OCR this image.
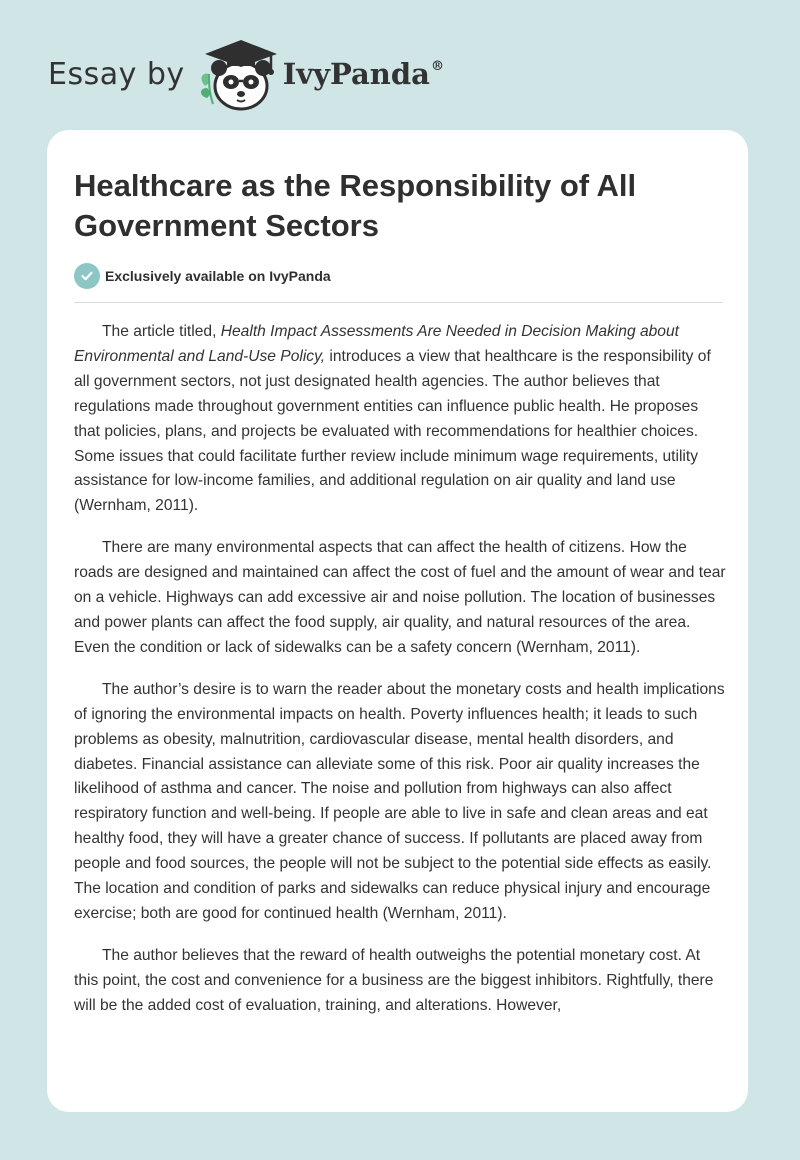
Essay by	IvyPanda®
Healthcare as the Responsibility of All Government Sectors
Exclusively available on IvyPanda

The article titled, Health Impact Assessments Are Needed in Decision Making about Environmental and Land-Use Policy, introduces a view that healthcare is the responsibility of all government sectors, not just designated health agencies. The author believes that regulations made throughout government entities can influence public health. He proposes that policies, plans, and projects be evaluated with recommendations for healthier choices. Some issues that could facilitate further review include minimum wage requirements, utility assistance for low-income families, and additional regulation on air quality and land use (Wernham, 2011).

There are many environmental aspects that can affect the health of citizens. How the roads are designed and maintained can affect the cost of fuel and the amount of wear and tear on a vehicle. Highways can add excessive air and noise pollution. The location of businesses and power plants can affect the food supply, air quality, and natural resources of the area. Even the condition or lack of sidewalks can be a safety concern (Wernham, 2011).

The author’s desire is to warn the reader about the monetary costs and health implications of ignoring the environmental impacts on health. Poverty influences health; it leads to such problems as obesity, malnutrition, cardiovascular disease, mental health disorders, and diabetes. Financial assistance can alleviate some of this risk. Poor air quality increases the likelihood of asthma and cancer. The noise and pollution from highways can also affect respiratory function and well-being. If people are able to live in safe and clean areas and eat healthy food, they will have a greater chance of success. If pollutants are placed away from people and food sources, the people will not be subject to the potential side effects as easily. The location and condition of parks and sidewalks can reduce physical injury and encourage exercise; both are good for continued health (Wernham, 2011).

The author believes that the reward of health outweighs the potential monetary cost. At this point, the cost and convenience for a business are the biggest inhibitors. Rightfully, there will be the added cost of evaluation, training, and alterations. However,
